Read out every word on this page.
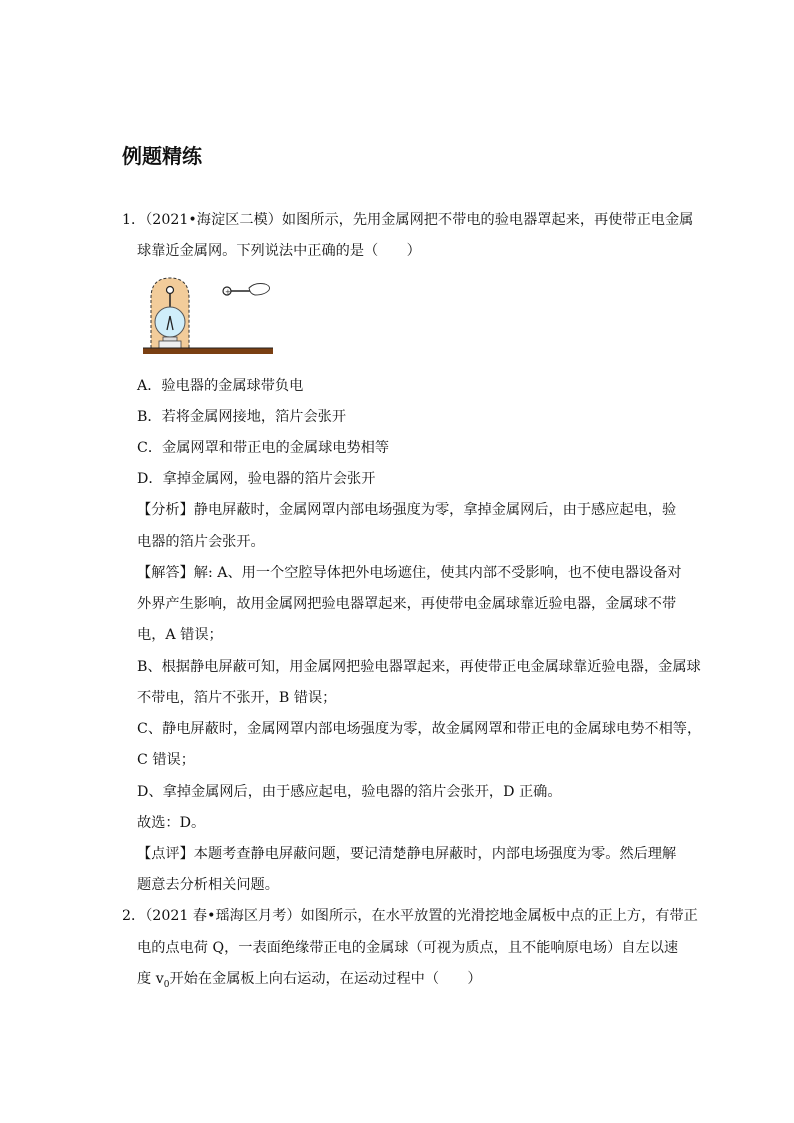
例题精练
1．（2021•海淀区二模）如图所示，先用金属网把不带电的验电器罩起来，再使带正电金属
球靠近金属网。下列说法中正确的是（　　）
+
A．验电器的金属球带负电
B．若将金属网接地，箔片会张开
C．金属网罩和带正电的金属球电势相等
D．拿掉金属网，验电器的箔片会张开
【分析】静电屏蔽时，金属网罩内部电场强度为零，拿掉金属网后，由于感应起电，验
电器的箔片会张开。
【解答】解: A、用一个空腔导体把外电场遮住，使其内部不受影响，也不使电器设备对
外界产生影响，故用金属网把验电器罩起来，再使带电金属球靠近验电器，金属球不带
电，A 错误；
B、根据静电屏蔽可知，用金属网把验电器罩起来，再使带正电金属球靠近验电器，金属球
不带电，箔片不张开，B 错误；
C、静电屏蔽时，金属网罩内部电场强度为零，故金属网罩和带正电的金属球电势不相等，
C 错误；
D、拿掉金属网后，由于感应起电，验电器的箔片会张开，D 正确。
故选：D。
【点评】本题考查静电屏蔽问题，要记清楚静电屏蔽时，内部电场强度为零。然后理解
题意去分析相关问题。
2．（2021 春•瑶海区月考）如图所示，在水平放置的光滑挖地金属板中点的正上方，有带正
电的点电荷 Q，一表面绝缘带正电的金属球（可视为质点，且不能响原电场）自左以速
度 $v_0$开始在金属板上向右运动，在运动过程中（　　）
